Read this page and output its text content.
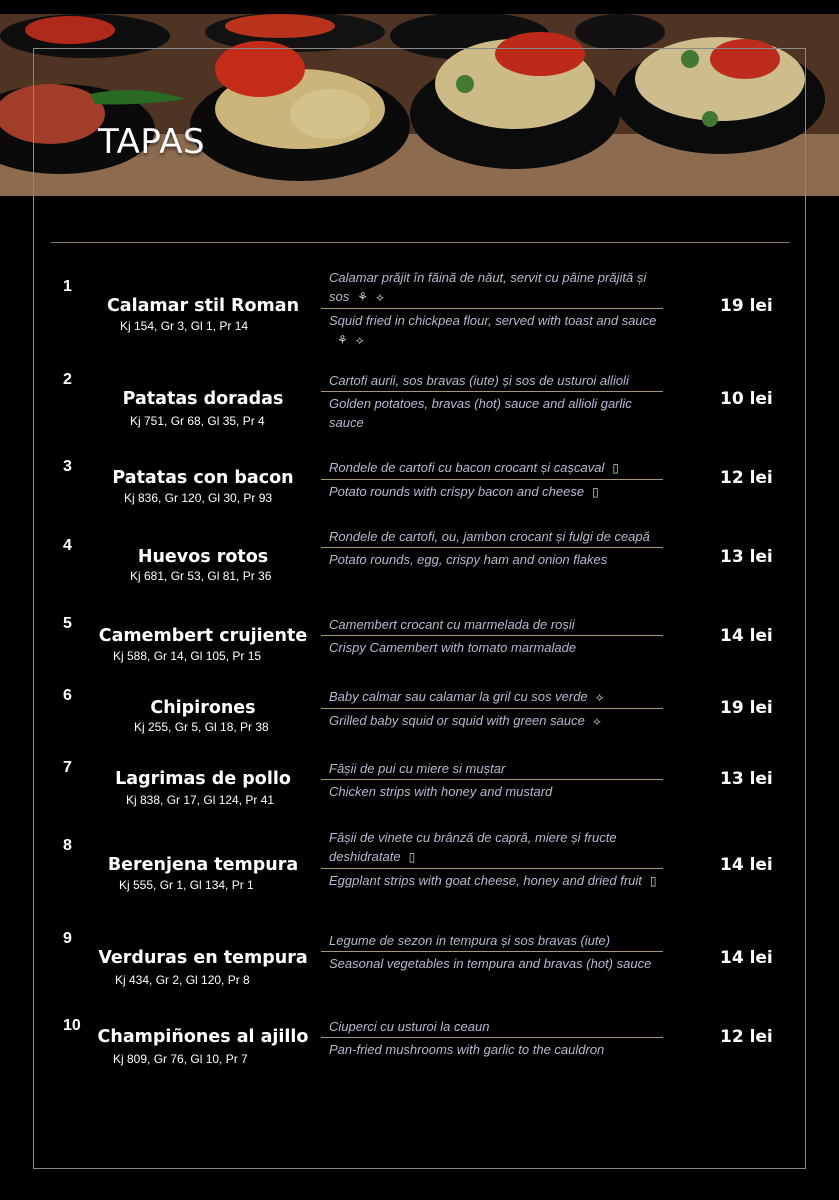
TAPAS
1
Calamar stil Roman
Kj 154, Gr 3, Gl 1, Pr 14
Calamar prăjit în făină de năut, servit cu pâine prăjită și sos ⚘ ⟡
Squid fried in chickpea flour, served with toast and sauce⚘ ⟡
19 lei
2
Patatas doradas
Kj 751, Gr 68, Gl 35, Pr 4
Cartofi aurii, sos bravas (iute) și sos de usturoi allioli
Golden potatoes, bravas (hot) sauce and allioli garlic sauce
10 lei
3
Patatas con bacon
Kj 836, Gr 120, Gl 30, Pr 93
Rondele de cartofi cu bacon crocant și cașcaval ▯
Potato rounds with crispy bacon and cheese ▯
12 lei
4
Huevos rotos
Kj 681, Gr 53, Gl 81, Pr 36
Rondele de cartofi, ou, jambon crocant și fulgi de ceapă
Potato rounds, egg, crispy ham and onion flakes	13 lei
5
Camembert crujiente
Kj 588, Gr 14, Gl 105, Pr 15
Camembert crocant cu marmelada de roșii
Crispy Camembert with tomato marmalade
14 lei
6
Chipirones
Kj 255, Gr 5, Gl 18, Pr 38
Baby calmar sau calamar la gril cu sos verde ⟡
Grilled baby squid or squid with green sauce ⟡
19 lei
7
Lagrimas de pollo
Kj 838, Gr 17, Gl 124, Pr 41
Fâșii de pui cu miere si muștar
Chicken strips with honey and mustard
13 lei
8
Berenjena tempura
Kj 555, Gr 1, Gl 134, Pr 1
Fâșii de vinete cu brânză de capră, miere și fructe deshidratate ▯
Eggplant strips with goat cheese, honey and dried fruit ▯
14 lei
9
Verduras en tempura
Kj 434, Gr 2, Gl 120, Pr 8
Legume de sezon in tempura și sos bravas (iute)
Seasonal vegetables in tempura and bravas (hot) sauce	14 lei
10
Champiñones al ajillo
Kj 809, Gr 76, Gl 10, Pr 7
Ciuperci cu usturoi la ceaun
Pan-fried mushrooms with garlic to the cauldron
12 lei
